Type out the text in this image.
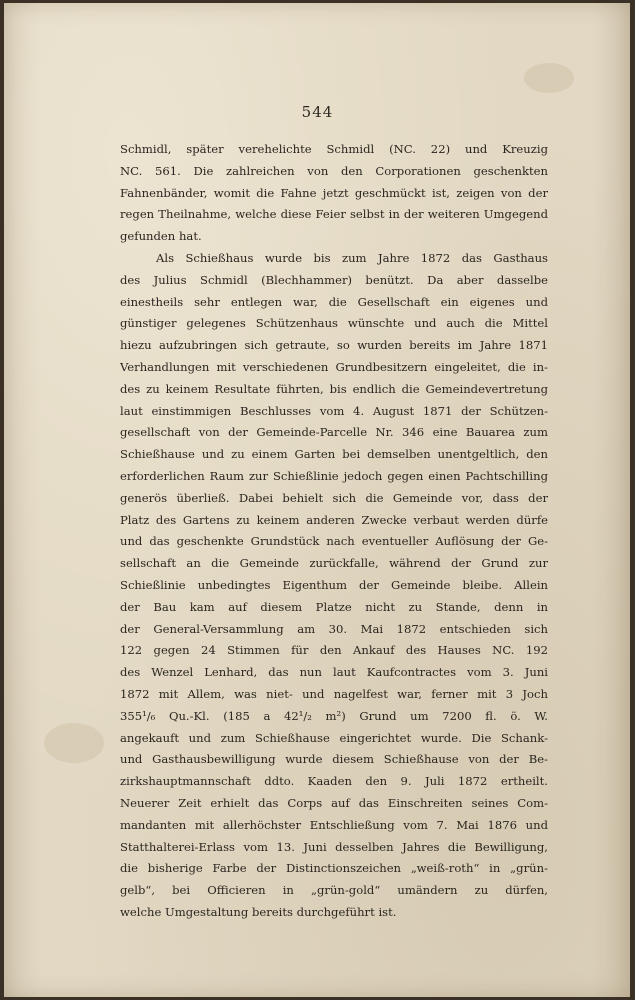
544
Schmidl, später verehelichte Schmidl (NC. 22) und Kreuzig
NC. 561. Die zahlreichen von den Corporationen geschenkten
Fahnenbänder, womit die Fahne jetzt geschmückt ist, zeigen von der
regen Theilnahme, welche diese Feier selbst in der weiteren Umgegend
gefunden hat.
Als Schießhaus wurde bis zum Jahre 1872 das Gasthaus
des Julius Schmidl (Blechhammer) benützt. Da aber dasselbe
einestheils sehr entlegen war, die Gesellschaft ein eigenes und
günstiger gelegenes Schützenhaus wünschte und auch die Mittel
hiezu aufzubringen sich getraute, so wurden bereits im Jahre 1871
Verhandlungen mit verschiedenen Grundbesitzern eingeleitet, die in-
des zu keinem Resultate führten, bis endlich die Gemeindevertretung
laut einstimmigen Beschlusses vom 4. August 1871 der Schützen-
gesellschaft von der Gemeinde-Parcelle Nr. 346 eine Bauarea zum
Schießhause und zu einem Garten bei demselben unentgeltlich, den
erforderlichen Raum zur Schießlinie jedoch gegen einen Pachtschilling
generös überließ. Dabei behielt sich die Gemeinde vor, dass der
Platz des Gartens zu keinem anderen Zwecke verbaut werden dürfe
und das geschenkte Grundstück nach eventueller Auflösung der Ge-
sellschaft an die Gemeinde zurückfalle, während der Grund zur
Schießlinie unbedingtes Eigenthum der Gemeinde bleibe. Allein
der Bau kam auf diesem Platze nicht zu Stande, denn in
der General-Versammlung am 30. Mai 1872 entschieden sich
122 gegen 24 Stimmen für den Ankauf des Hauses NC. 192
des Wenzel Lenhard, das nun laut Kaufcontractes vom 3. Juni
1872 mit Allem, was niet- und nagelfest war, ferner mit 3 Joch
355¹/₆ Qu.-Kl. (185 a 42¹/₂ m²) Grund um 7200 fl. ö. W.
angekauft und zum Schießhause eingerichtet wurde. Die Schank-
und Gasthausbewilligung wurde diesem Schießhause von der Be-
zirkshauptmannschaft ddto. Kaaden den 9. Juli 1872 ertheilt.
Neuerer Zeit erhielt das Corps auf das Einschreiten seines Com-
mandanten mit allerhöchster Entschließung vom 7. Mai 1876 und
Statthalterei-Erlass vom 13. Juni desselben Jahres die Bewilligung,
die bisherige Farbe der Distinctionszeichen „weiß-roth“ in „grün-
gelb“, bei Officieren in „grün-gold“ umändern zu dürfen,
welche Umgestaltung bereits durchgeführt ist.
